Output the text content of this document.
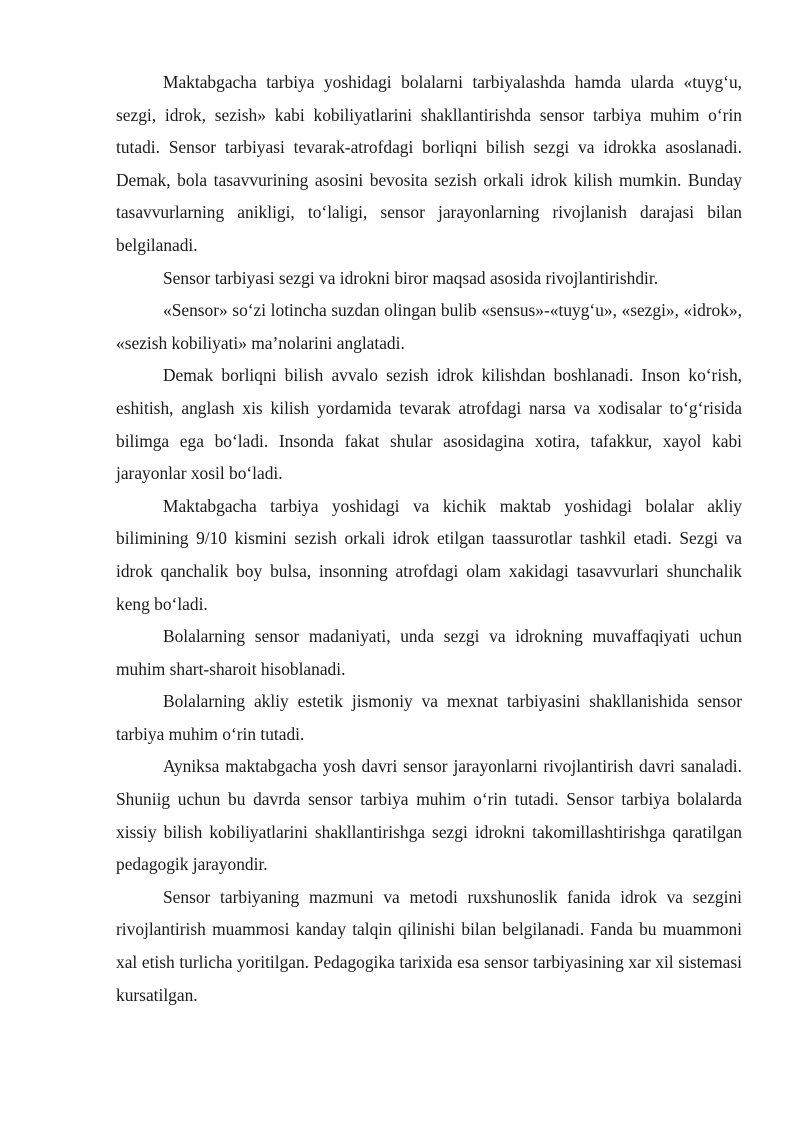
Maktabgacha tarbiya yoshidagi bolalarni tarbiyalashda hamda ularda «tuyg‘u, sezgi, idrok, sezish» kabi kobiliyatlarini shakllantirishda sensor tarbiya muhim o‘rin tutadi. Sensor tarbiyasi tevarak-atrofdagi borliqni bilish sezgi va idrokka asoslanadi. Demak, bola tasavvurining asosini bevosita sezish orkali idrok kilish mumkin. Bunday tasavvurlarning anikligi, to‘laligi, sensor jarayonlarning rivojlanish darajasi bilan belgilanadi.

Sensor tarbiyasi sezgi va idrokni biror maqsad asosida rivojlantirishdir.

«Sensor» so‘zi lotincha suzdan olingan bulib «sensus»-«tuyg‘u», «sezgi», «idrok», «sezish kobiliyati» ma’nolarini anglatadi.

Demak borliqni bilish avvalo sezish idrok kilishdan boshlanadi. Inson ko‘rish, eshitish, anglash xis kilish yordamida tevarak atrofdagi narsa va xodisalar to‘g‘risida bilimga ega bo‘ladi. Insonda fakat shular asosidagina xotira, tafakkur, xayol kabi jarayonlar xosil bo‘ladi.

Maktabgacha tarbiya yoshidagi va kichik maktab yoshidagi bolalar akliy bilimining 9/10 kismini sezish orkali idrok etilgan taassurotlar tashkil etadi. Sezgi va idrok qanchalik boy bulsa, insonning atrofdagi olam xakidagi tasavvurlari shunchalik keng bo‘ladi.

Bolalarning sensor madaniyati, unda sezgi va idrokning muvaffaqiyati uchun muhim shart-sharoit hisoblanadi.

Bolalarning akliy estetik jismoniy va mexnat tarbiyasini shakllanishida sensor tarbiya muhim o‘rin tutadi.

Ayniksa maktabgacha yosh davri sensor jarayonlarni rivojlantirish davri sanaladi. Shuniig uchun bu davrda sensor tarbiya muhim o‘rin tutadi. Sensor tarbiya bolalarda xissiy bilish kobiliyatlarini shakllantirishga sezgi idrokni takomillashtirishga qaratilgan pedagogik jarayondir.

Sensor tarbiyaning mazmuni va metodi ruxshunoslik fanida idrok va sezgini rivojlantirish muammosi kanday talqin qilinishi bilan belgilanadi. Fanda bu muammoni xal etish turlicha yoritilgan. Pedagogika tarixida esa sensor tarbiyasining xar xil sistemasi kursatilgan.
